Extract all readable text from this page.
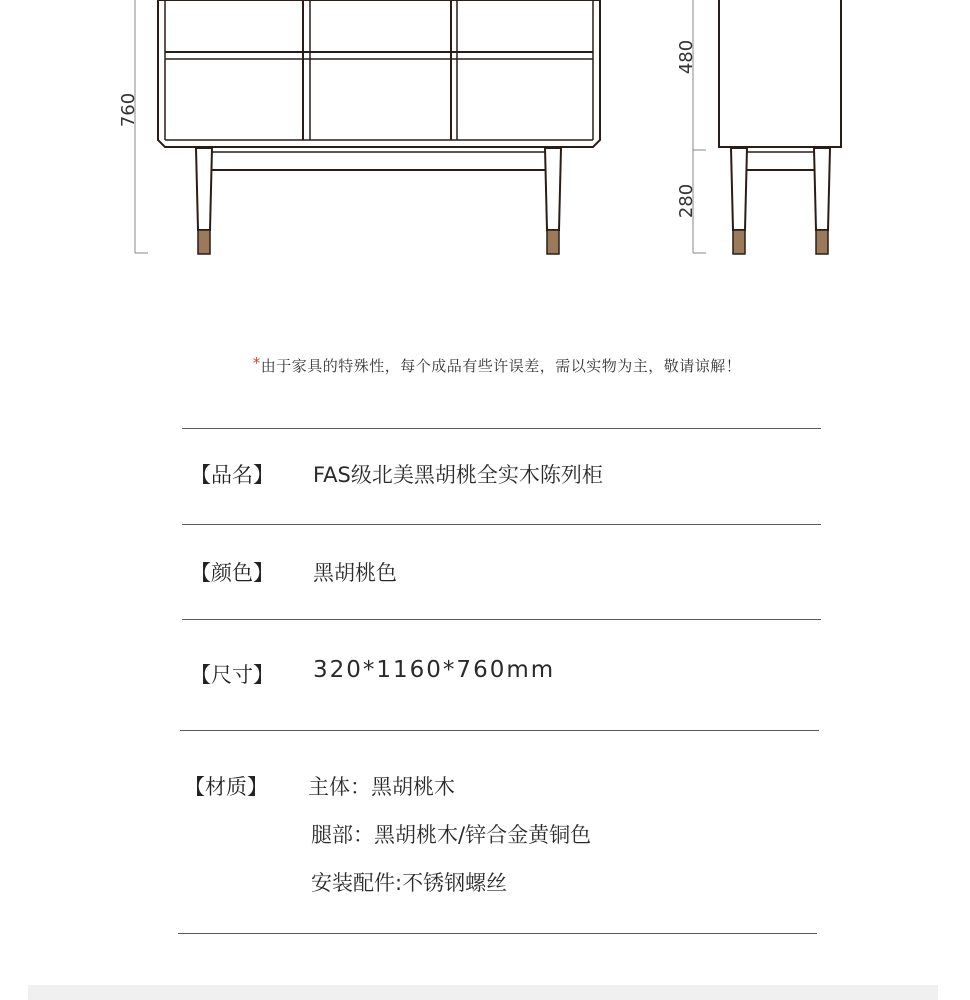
760
480
280
*由于家具的特殊性，每个成品有些许误差，需以实物为主，敬请谅解！
【品名】 FAS级北美黑胡桃全实木陈列柜
【颜色】 黑胡桃色
【尺寸】 320*1160*760mm
【材质】 主体：黑胡桃木
腿部：黑胡桃木/锌合金黄铜色
安装配件:不锈钢螺丝
